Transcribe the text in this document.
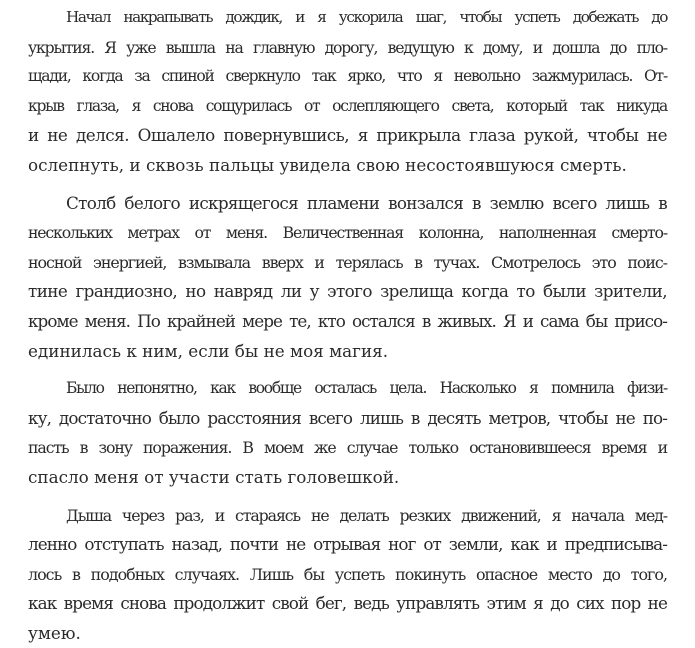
Начал накрапывать дождик, и я ускорила шаг, чтобы успеть добежать до
укрытия. Я уже вышла на главную дорогу, ведущую к дому, и дошла до пло-
щади, когда за спиной сверкнуло так ярко, что я невольно зажмурилась. От-
крыв глаза, я снова сощурилась от ослепляющего света, который так никуда
и не делся. Ошалело повернувшись, я прикрыла глаза рукой, чтобы не
ослепнуть, и сквозь пальцы увидела свою несостоявшуюся смерть.

Столб белого искрящегося пламени вонзался в землю всего лишь в
нескольких метрах от меня. Величественная колонна, наполненная смерто-
носной энергией, взмывала вверх и терялась в тучах. Смотрелось это поис-
тине грандиозно, но навряд ли у этого зрелища когда то были зрители,
кроме меня. По крайней мере те, кто остался в живых. Я и сама бы присо-
единилась к ним, если бы не моя магия.

Было непонятно, как вообще осталась цела. Насколько я помнила физи-
ку, достаточно было расстояния всего лишь в десять метров, чтобы не по-
пасть в зону поражения. В моем же случае только остановившееся время и
спасло меня от участи стать головешкой.

Дыша через раз, и стараясь не делать резких движений, я начала мед-
ленно отступать назад, почти не отрывая ног от земли, как и предписыва-
лось в подобных случаях. Лишь бы успеть покинуть опасное место до того,
как время снова продолжит свой бег, ведь управлять этим я до сих пор не
умею.
